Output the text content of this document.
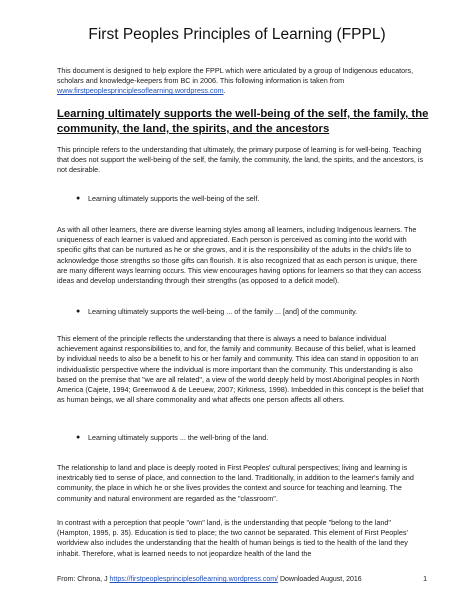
First Peoples Principles of Learning (FPPL)
This document is designed to help explore the FPPL which were articulated by a group of Indigenous educators, scholars and knowledge-keepers from BC in 2006. This following information is taken from www.firstpeoplesprinciplesoflearning.wordpress.com.
Learning ultimately supports the well-being of the self, the family, the community, the land, the spirits, and the ancestors
This principle refers to the understanding that ultimately, the primary purpose of learning is for well-being. Teaching that does not support the well-being of the self, the family, the community, the land, the spirits, and the ancestors, is not desirable.
● Learning ultimately supports the well-being of the self.
As with all other learners, there are diverse learning styles among all learners, including Indigenous learners. The uniqueness of each learner is valued and appreciated. Each person is perceived as coming into the world with specific gifts that can be nurtured as he or she grows, and it is the responsibility of the adults in the child's life to acknowledge those strengths so those gifts can flourish. It is also recognized that as each person is unique, there are many different ways learning occurs. This view encourages having options for learners so that they can access ideas and develop understanding through their strengths (as opposed to a deficit model).
● Learning ultimately supports the well-being ... of the family ... [and] of the community.
This element of the principle reflects the understanding that there is always a need to balance individual achievement against responsibilities to, and for, the family and community. Because of this belief, what is learned by individual needs to also be a benefit to his or her family and community. This idea can stand in opposition to an individualistic perspective where the individual is more important than the community. This understanding is also based on the premise that "we are all related", a view of the world deeply held by most Aboriginal peoples in North America (Cajete, 1994; Greenwood & de Leeuew, 2007; Kirkness, 1998). Imbedded in this concept is the belief that as human beings, we all share commonality and what affects one person affects all others.
● Learning ultimately supports ... the well-bring of the land.
The relationship to land and place is deeply rooted in First Peoples' cultural perspectives; living and learning is inextricably tied to sense of place, and connection to the land. Traditionally, in addition to the learner's family and community, the place in which he or she lives provides the context and source for teaching and learning. The community and natural environment are regarded as the "classroom".
In contrast with a perception that people "own" land, is the understanding that people "belong to the land" (Hampton, 1995, p. 35). Education is tied to place; the two cannot be separated. This element of First Peoples' worldview also includes the understanding that the health of human beings is tied to the health of the land they inhabit. Therefore, what is learned needs to not jeopardize health of the land the
From: Chrona, J https://firstpeoplesprinciplesoflearning.wordpress.com/ Downloaded August, 2016	1
